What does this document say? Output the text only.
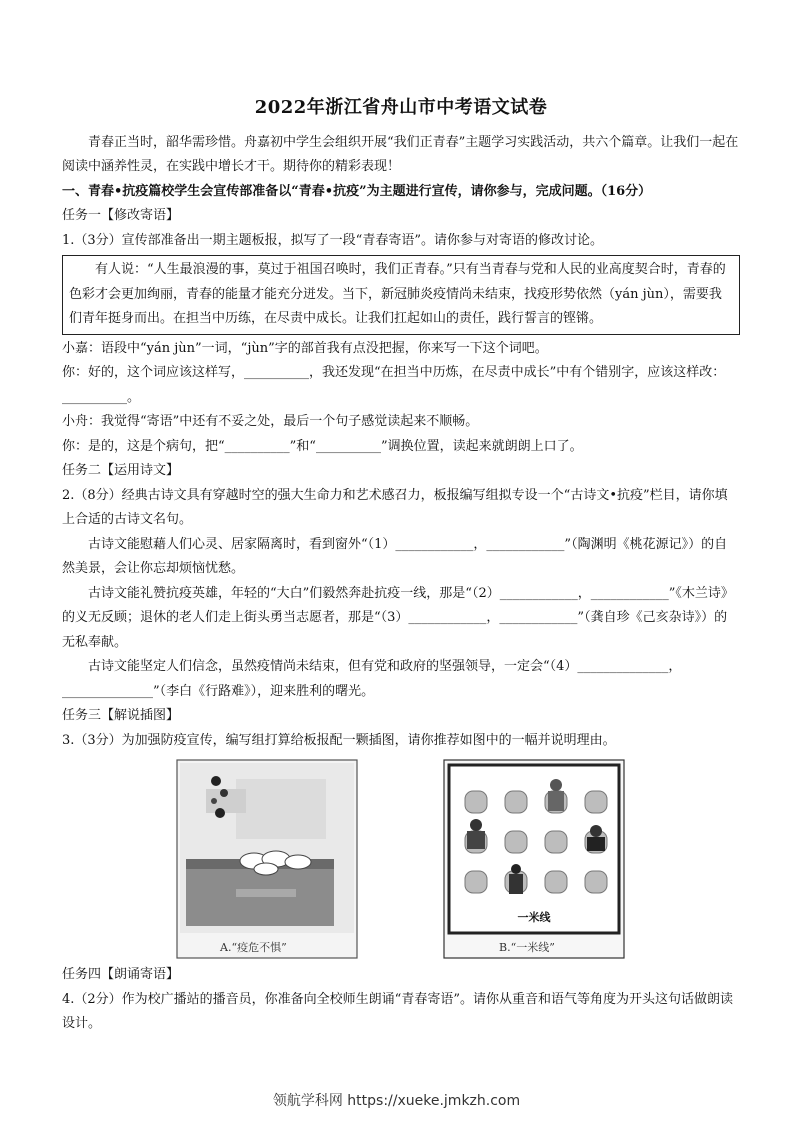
2022年浙江省舟山市中考语文试卷

青春正当时，韶华需珍惜。舟嘉初中学生会组织开展“我们正青春”主题学习实践活动，共六个篇章。让我们一起在阅读中涵养性灵，在实践中增长才干。期待你的精彩表现！

一、青春•抗疫篇校学生会宣传部准备以“青春•抗疫”为主题进行宣传，请你参与，完成问题。（16分）

任务一【修改寄语】

1.（3分）宣传部准备出一期主题板报，拟写了一段“青春寄语”。请你参与对寄语的修改讨论。

有人说：“人生最浪漫的事，莫过于祖国召唤时，我们正青春。”只有当青春与党和人民的业高度契合时，青春的色彩才会更加绚丽，青春的能量才能充分迸发。当下，新冠肺炎疫情尚未结束，找疫形势依然（yán jùn），需要我们青年挺身而出。在担当中历练，在尽责中成长。让我们扛起如山的责任，践行誓言的铿锵。

小嘉：语段中“yán jùn”一词，“jùn”字的部首我有点没把握，你来写一下这个词吧。

你：好的，这个词应该这样写，__________，我还发现“在担当中历炼，在尽责中成长”中有个错别字，应该这样改：__________。

小舟：我觉得“寄语”中还有不妥之处，最后一个句子感觉读起来不顺畅。

你：是的，这是个病句，把“__________”和“__________”调换位置，读起来就朗朗上口了。

任务二【运用诗文】

2.（8分）经典古诗文具有穿越时空的强大生命力和艺术感召力，板报编写组拟专设一个“古诗文•抗疫”栏目，请你填上合适的古诗文名句。

古诗文能慰藉人们心灵、居家隔离时，看到窗外“（1）____________，____________”（陶渊明《桃花源记》）的自然美景，会让你忘却烦恼忧愁。

古诗文能礼赞抗疫英雄，年轻的“大白”们毅然奔赴抗疫一线，那是“（2）____________，____________”《木兰诗》的义无反顾；退休的老人们走上街头勇当志愿者，那是“（3）____________，____________”（龚自珍《己亥杂诗》）的无私奉献。

古诗文能坚定人们信念，虽然疫情尚未结束，但有党和政府的坚强领导，一定会“（4）______________，______________”（李白《行路难》），迎来胜利的曙光。

任务三【解说插图】

3.（3分）为加强防疫宣传，编写组打算给板报配一颗插图，请你推荐如图中的一幅并说明理由。

A.“疫危不惧”
一米线
B.“一米线”

任务四【朗诵寄语】

4.（2分）作为校广播站的播音员，你准备向全校师生朗诵“青春寄语”。请你从重音和语气等角度为开头这句话做朗读设计。

领航学科网 https://xueke.jmkzh.com
